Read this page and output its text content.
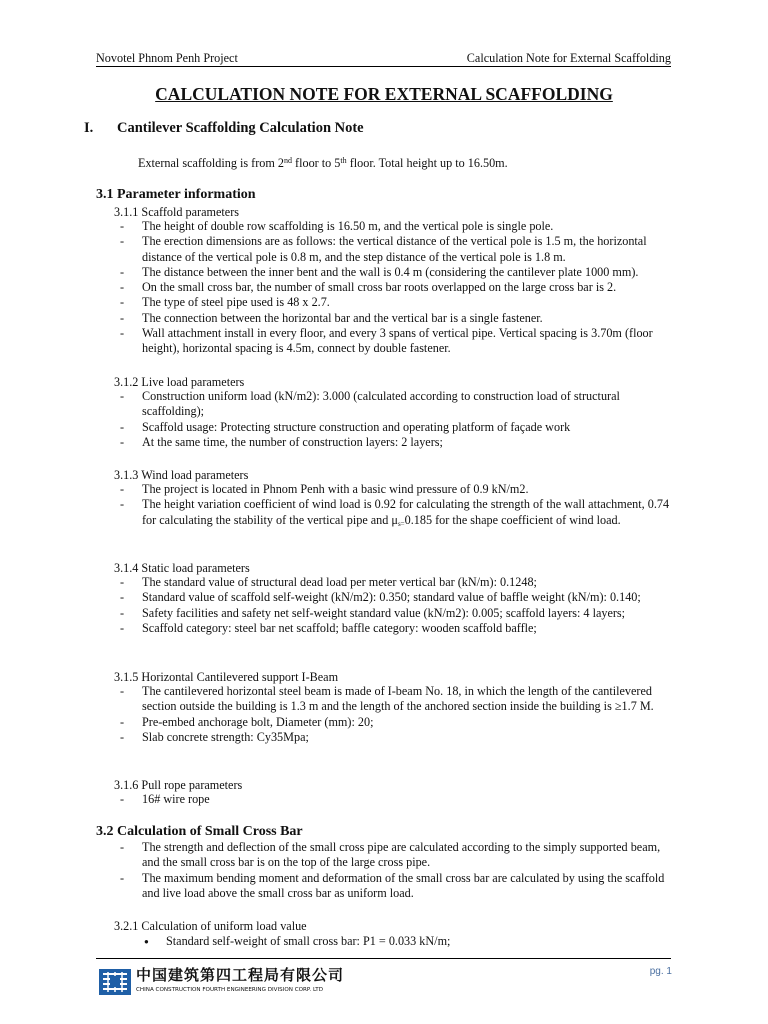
Novotel Phnom Penh Project	Calculation Note for External Scaffolding
CALCULATION NOTE FOR EXTERNAL SCAFFOLDING
I. Cantilever Scaffolding Calculation Note
External scaffolding is from 2nd floor to 5th floor. Total height up to 16.50m.
3.1 Parameter information
3.1.1 Scaffold parameters
- The height of double row scaffolding is 16.50 m, and the vertical pole is single pole.
- The erection dimensions are as follows: the vertical distance of the vertical pole is 1.5 m, the horizontal distance of the vertical pole is 0.8 m, and the step distance of the vertical pole is 1.8 m.
- The distance between the inner bent and the wall is 0.4 m (considering the cantilever plate 1000 mm).
- On the small cross bar, the number of small cross bar roots overlapped on the large cross bar is 2.
- The type of steel pipe used is 48 x 2.7.
- The connection between the horizontal bar and the vertical bar is a single fastener.
- Wall attachment install in every floor, and every 3 spans of vertical pipe. Vertical spacing is 3.70m (floor height), horizontal spacing is 4.5m, connect by double fastener.
3.1.2 Live load parameters
- Construction uniform load (kN/m2): 3.000 (calculated according to construction load of structural scaffolding);
- Scaffold usage: Protecting structure construction and operating platform of façade work
- At the same time, the number of construction layers: 2 layers;
3.1.3 Wind load parameters
- The project is located in Phnom Penh with a basic wind pressure of 0.9 kN/m2.
- The height variation coefficient of wind load is 0.92 for calculating the strength of the wall attachment, 0.74 for calculating the stability of the vertical pipe and $\mu_{s=}0.185$ for the shape coefficient of wind load.
3.1.4 Static load parameters
- The standard value of structural dead load per meter vertical bar (kN/m): 0.1248;
- Standard value of scaffold self-weight (kN/m2): 0.350; standard value of baffle weight (kN/m): 0.140;
- Safety facilities and safety net self-weight standard value (kN/m2): 0.005; scaffold layers: 4 layers;
- Scaffold category: steel bar net scaffold; baffle category: wooden scaffold baffle;
3.1.5 Horizontal Cantilevered support I-Beam
- The cantilevered horizontal steel beam is made of I-beam No. 18, in which the length of the cantilevered section outside the building is 1.3 m and the length of the anchored section inside the building is ≥1.7 M.
- Pre-embed anchorage bolt, Diameter (mm): 20;
- Slab concrete strength: Cy35Mpa;
3.1.6 Pull rope parameters
- 16# wire rope
3.2 Calculation of Small Cross Bar
- The strength and deflection of the small cross pipe are calculated according to the simply supported beam, and the small cross bar is on the top of the large cross pipe.
- The maximum bending moment and deformation of the small cross bar are calculated by using the scaffold and live load above the small cross bar as uniform load.
3.2.1 Calculation of uniform load value
● Standard self-weight of small cross bar: P1 = 0.033 kN/m;
中国建筑第四工程局有限公司
CHINA CONSTRUCTION FOURTH ENGINEERING DIVISION CORP. LTD
pg. 1
